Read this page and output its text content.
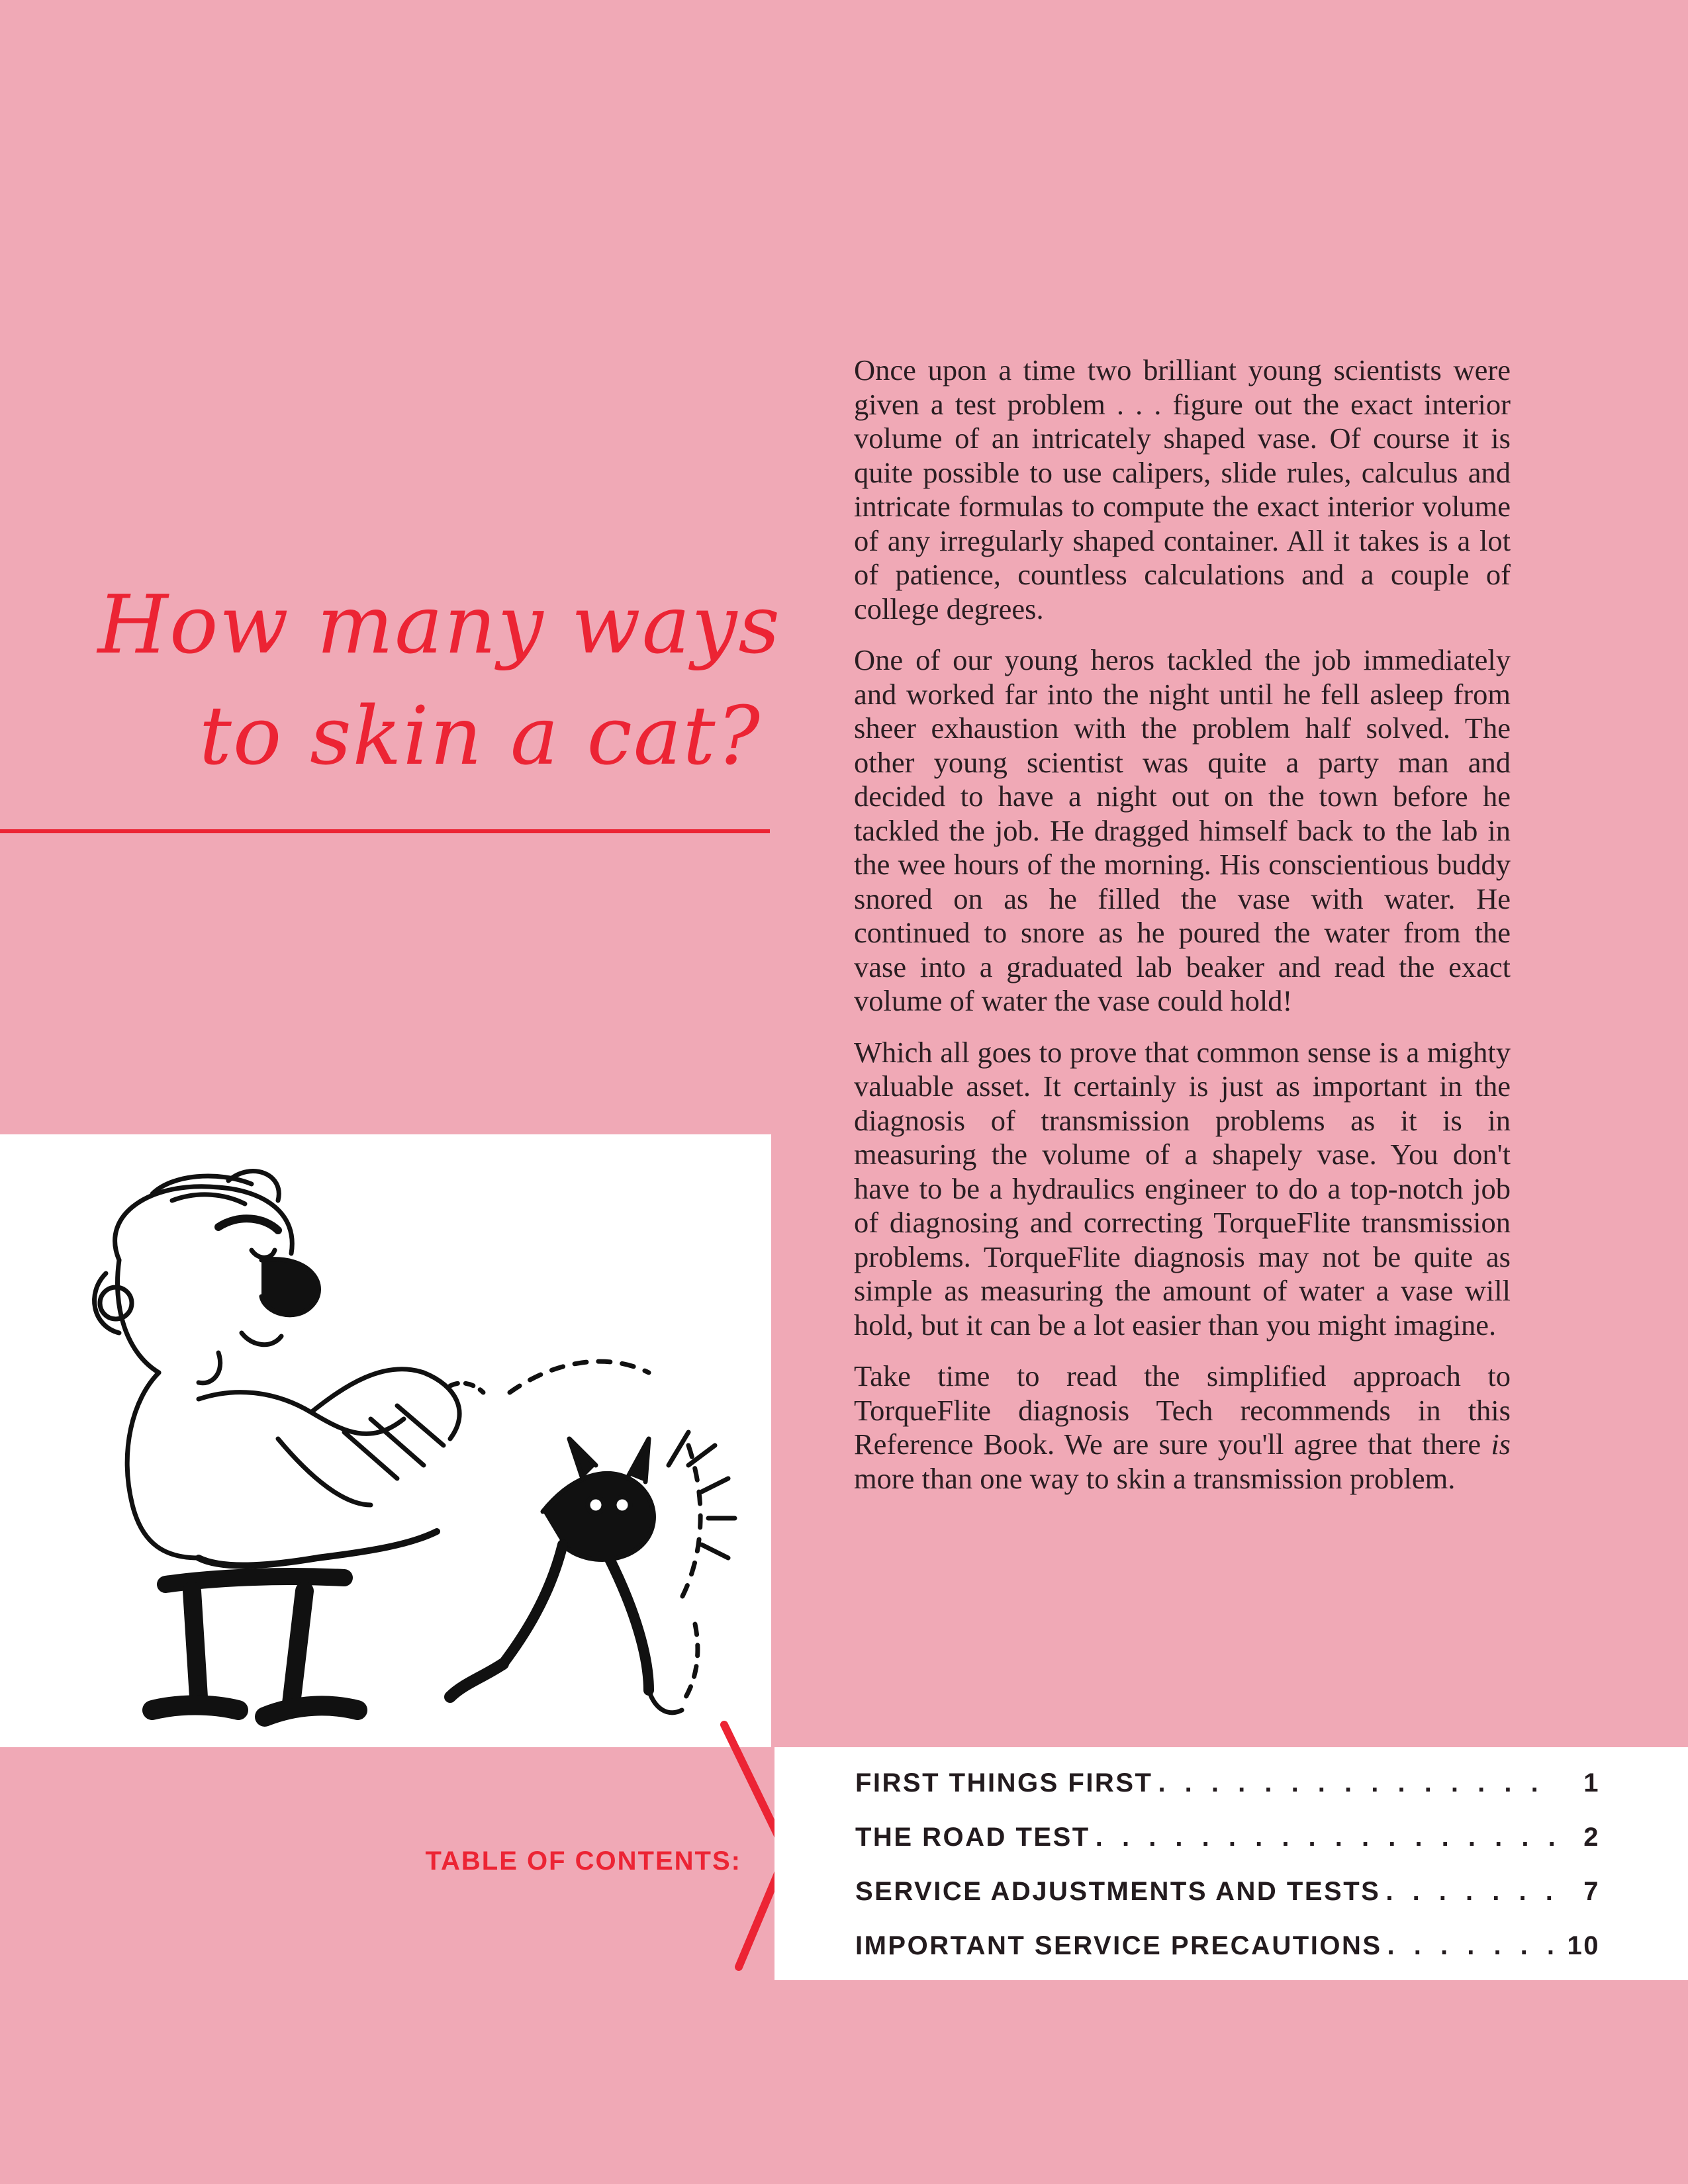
How many ways
to skin a cat?

Once upon a time two brilliant young scientists were given a test problem . . . figure out the exact interior volume of an intricately shaped vase. Of course it is quite possible to use calipers, slide rules, calculus and intricate formulas to compute the exact interior volume of any irregularly shaped container. All it takes is a lot of patience, countless calculations and a couple of college degrees.

One of our young heros tackled the job immediately and worked far into the night until he fell asleep from sheer exhaustion with the problem half solved. The other young scientist was quite a party man and decided to have a night out on the town before he tackled the job. He dragged himself back to the lab in the wee hours of the morning. His conscientious buddy snored on as he filled the vase with water. He continued to snore as he poured the water from the vase into a graduated lab beaker and read the exact volume of water the vase could hold!

Which all goes to prove that common sense is a mighty valuable asset. It certainly is just as important in the diagnosis of transmission problems as it is in measuring the volume of a shapely vase. You don't have to be a hydraulics engineer to do a top-notch job of diagnosing and correcting TorqueFlite transmission problems. TorqueFlite diagnosis may not be quite as simple as measuring the amount of water a vase will hold, but it can be a lot easier than you might imagine.

Take time to read the simplified approach to TorqueFlite diagnosis Tech recommends in this Reference Book. We are sure you'll agree that there is more than one way to skin a transmission problem.

TABLE OF CONTENTS:
FIRST THINGS FIRST . . .	1
THE ROAD TEST . . .	2
SERVICE ADJUSTMENTS AND TESTS . . .	7
IMPORTANT SERVICE PRECAUTIONS . . .	10
